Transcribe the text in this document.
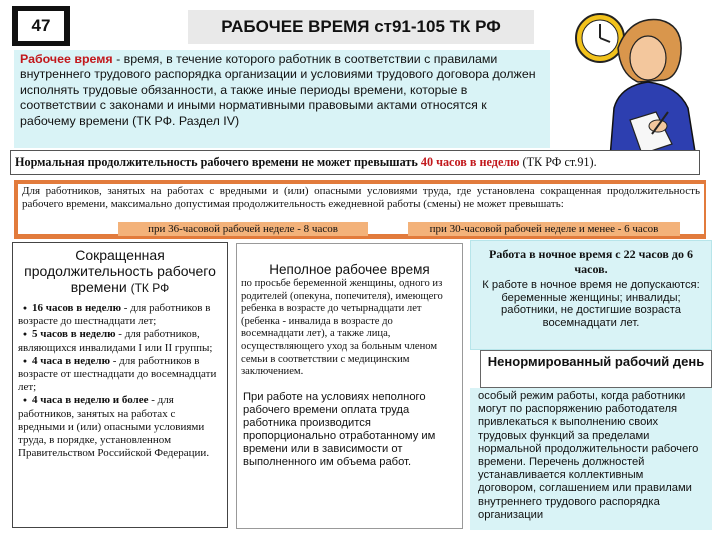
47	РАБОЧЕЕ ВРЕМЯ ст91-105 ТК РФ
Рабочее время - время, в течение которого работник в соответствии с правилами внутреннего трудового распорядка организации и условиями трудового договора должен исполнять трудовые обязанности, а также иные периоды времени, которые в соответствии с законами и иными нормативными правовыми актами относятся к рабочему времени (ТК РФ. Раздел IV)
Нормальная продолжительность рабочего времени не может превышать 40 часов в неделю (ТК РФ ст.91).
Для работников, занятых на работах с вредными и (или) опасными условиями труда, где установлена сокращенная продолжительность рабочего времени, максимально допустимая продолжительность ежедневной работы (смены) не может превышать:
при 36-часовой рабочей неделе - 8 часов	при 30-часовой рабочей неделе и менее - 6 часов
Сокращенная продолжительность рабочего времени (ТК РФ

● 16 часов в неделю - для работников в возрасте до шестнадцати лет;

● 5 часов в неделю - для работников, являющихся инвалидами I или II группы;

● 4 часа в неделю - для работников в возрасте от шестнадцати до восемнадцати лет;

● 4 часа в неделю и более - для работников, занятых на работах с вредными и (или) опасными условиями труда, в порядке, установленном Правительством Российской Федерации.

Неполное рабочее время
по просьбе беременной женщины, одного из родителей (опекуна, попечителя), имеющего ребенка в возрасте до четырнадцати лет (ребенка - инвалида в возрасте до восемнадцати лет), а также лица, осуществляющего уход за больным членом семьи в соответствии с медицинским заключением.
При работе на условиях неполного рабочего времени оплата труда работника производится пропорционально отработанному им времени или в зависимости от выполненного им объема работ.
Работа в ночное время с 22 часов до 6 часов.
К работе в ночное время не допускаются: беременные женщины; инвалиды; работники, не достигшие возраста восемнадцати лет.
Ненормированный рабочий день
особый режим работы, когда работники могут по распоряжению работодателя привлекаться к выполнению своих трудовых функций за пределами нормальной продолжительности рабочего времени. Перечень должностей устанавливается коллективным договором, соглашением или правилами внутреннего трудового распорядка организации
